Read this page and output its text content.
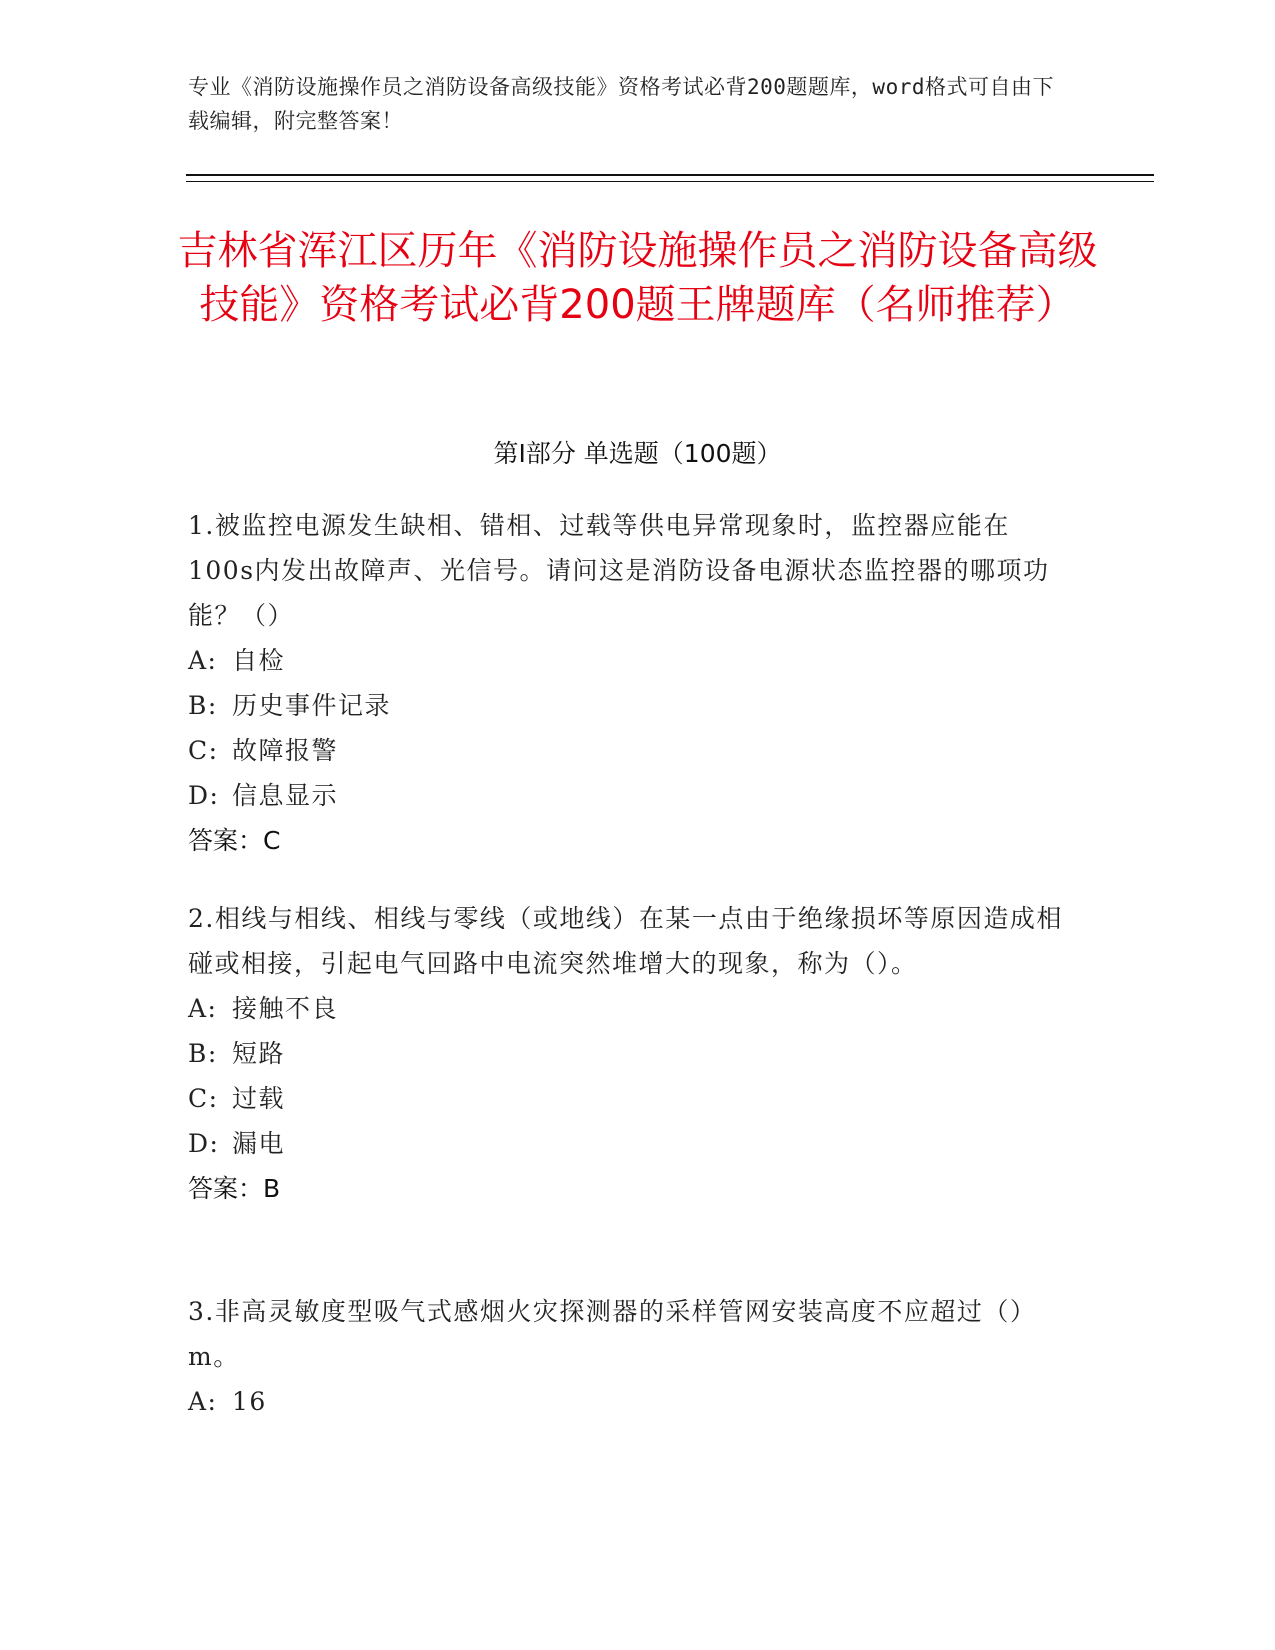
专业《消防设施操作员之消防设备高级技能》资格考试必背200题题库，word格式可自由下载编辑，附完整答案！
吉林省浑江区历年《消防设施操作员之消防设备高级技能》资格考试必背200题王牌题库（名师推荐）
第Ⅰ部分 单选题（100题）
1.被监控电源发生缺相、错相、过载等供电异常现象时，监控器应能在100s内发出故障声、光信号。请问这是消防设备电源状态监控器的哪项功能？（）
A: 自检
B: 历史事件记录
C: 故障报警
D: 信息显示
答案：C
2.相线与相线、相线与零线（或地线）在某一点由于绝缘损坏等原因造成相碰或相接，引起电气回路中电流突然堆增大的现象，称为（）。
A: 接触不良
B: 短路
C: 过载
D: 漏电
答案：B
3.非高灵敏度型吸气式感烟火灾探测器的采样管网安装高度不应超过（）m。
A: 16
